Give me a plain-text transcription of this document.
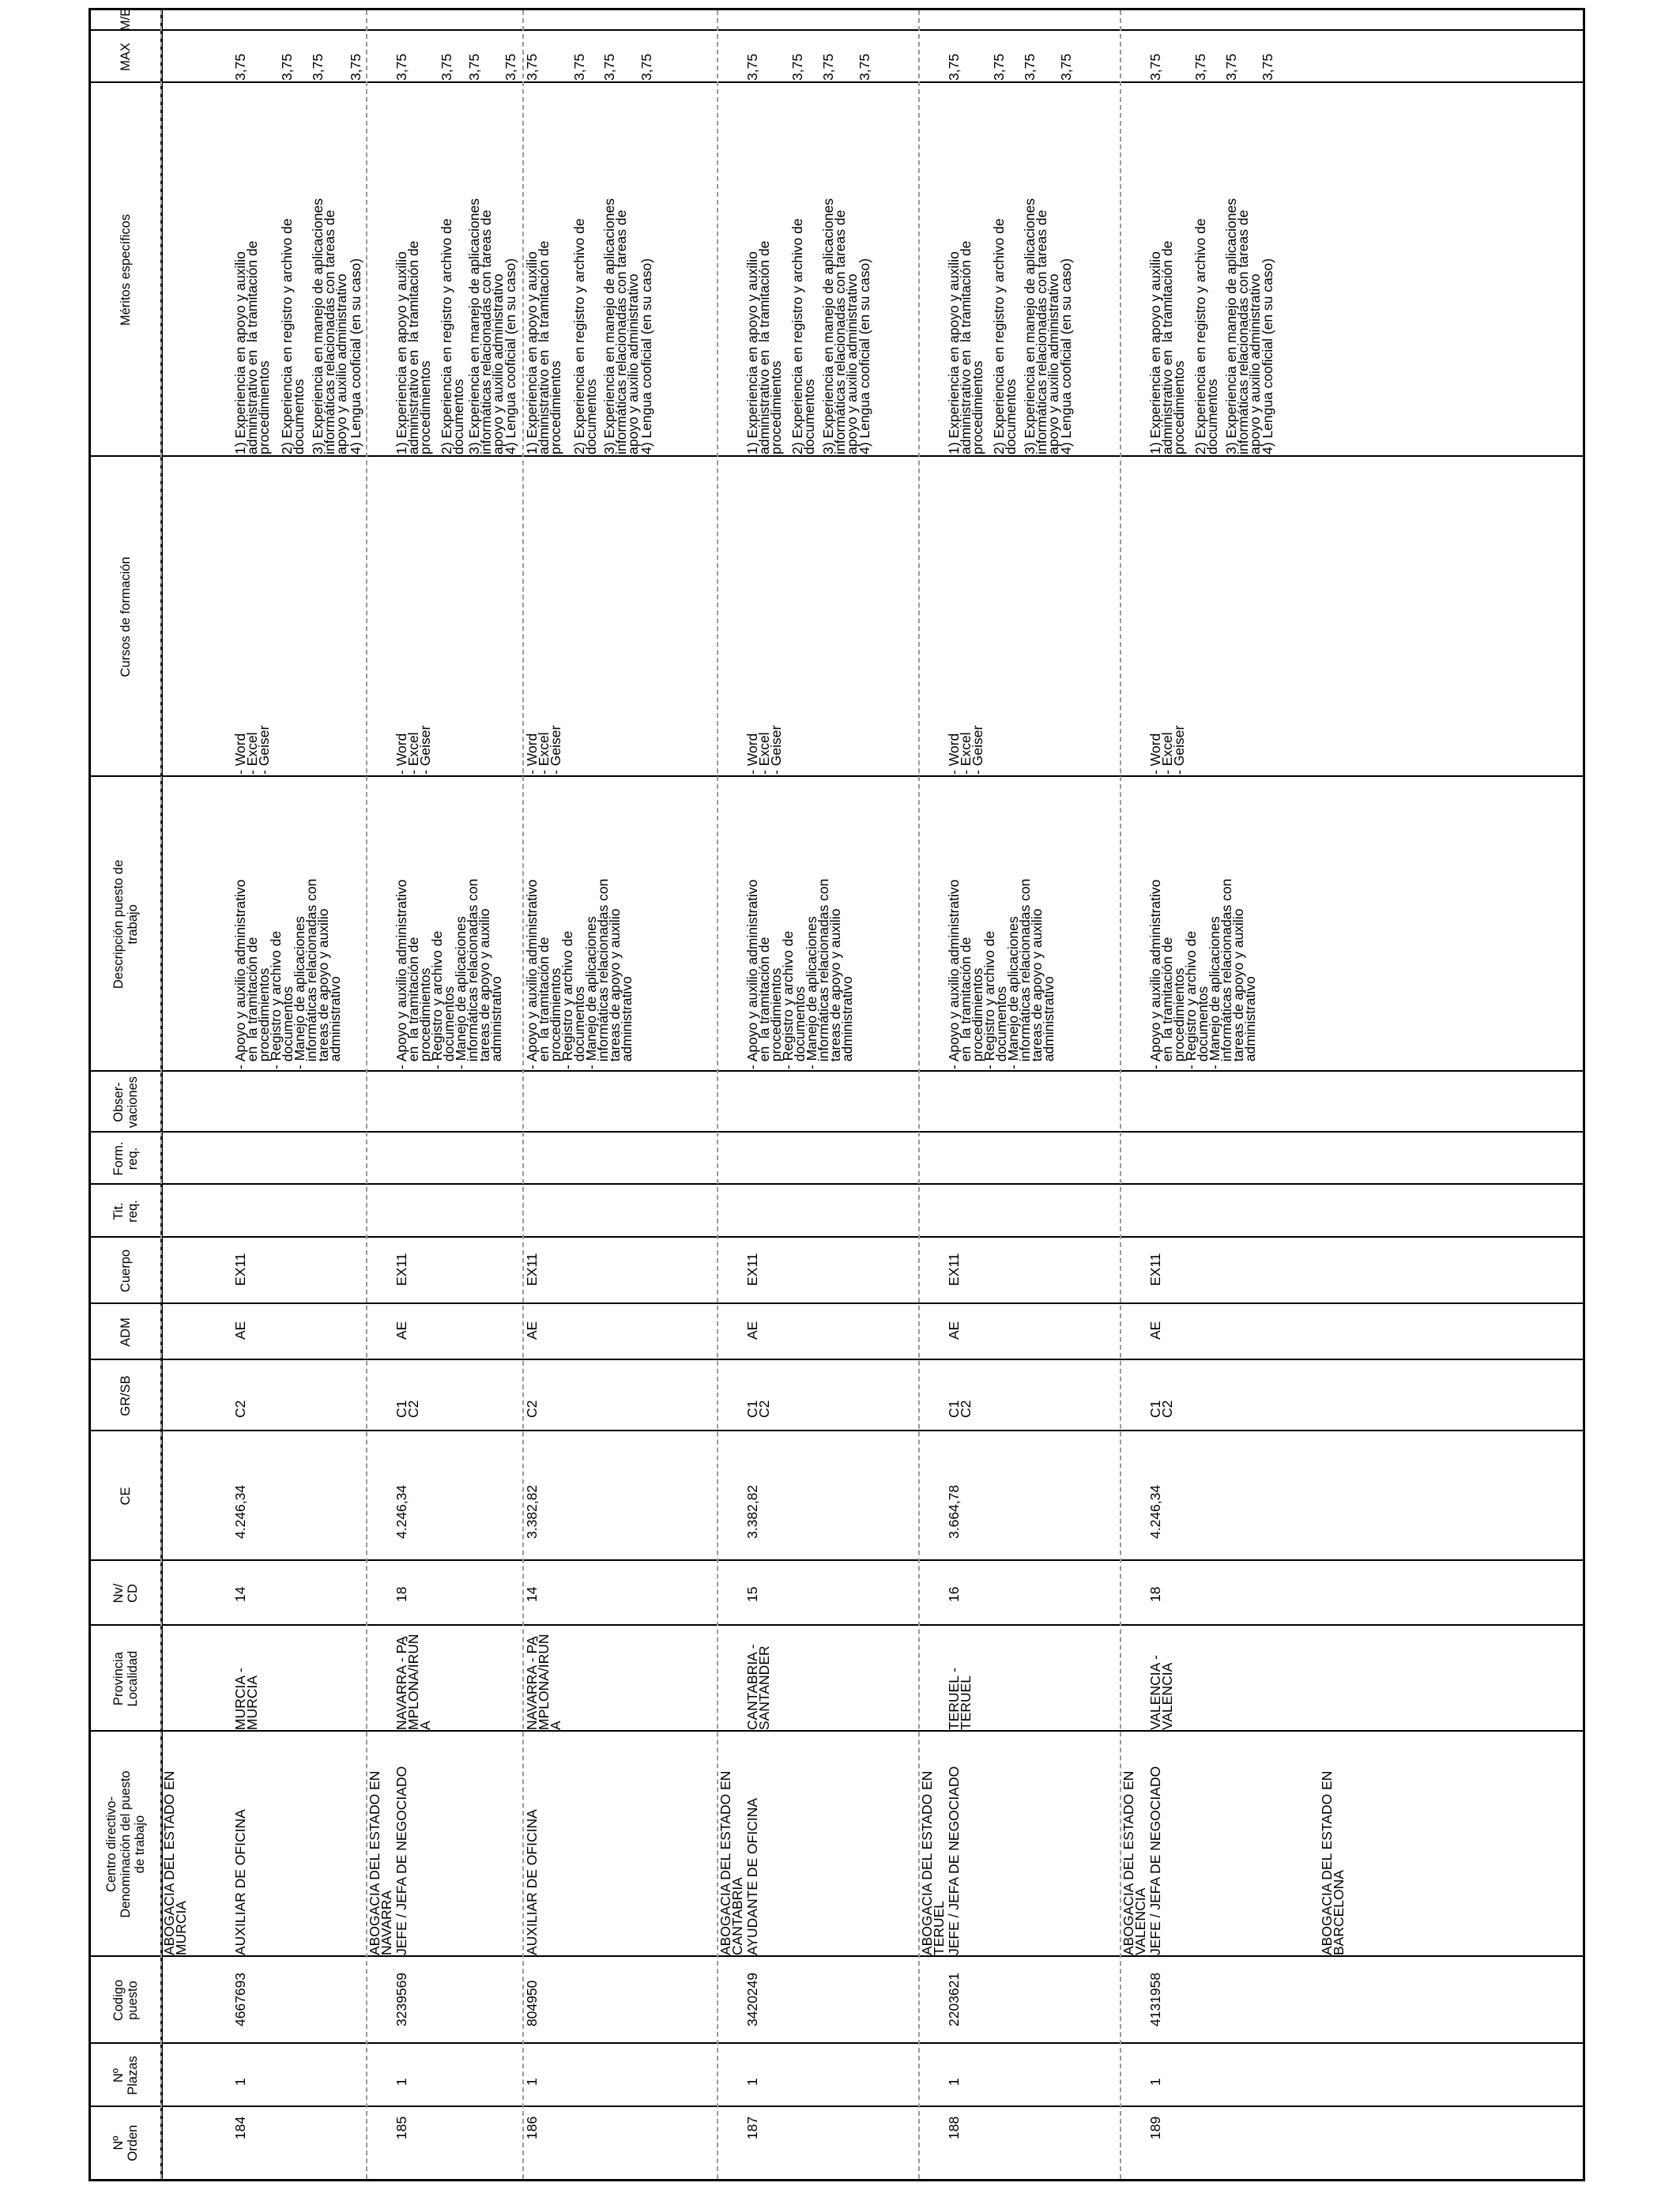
Nº
Orden
Nº
Plazas
Codigo
puesto
Centro directivo-
Denominación del puesto
de trabajo
Provincia
Localidad
Nv/
CD
CE
GR/SB
ADM
Cuerpo
Tit.
req.
Form.
req.
Obser-
vaciones
Descripción puesto de
trabajo
Cursos de formación
Méritos específicos
MAX
M/E
ABOGACIA DEL ESTADO EN
MURCIA
184
1
4667693
AUXILIAR DE OFICINA
MURCIA -
MURCIA
14
4.246,34
C2
AE
EX11
- Apoyo y auxilio administrativo
en  la tramitación de
procedimientos
- Registro y archivo de
documentos
- Manejo de aplicaciones
informáticas relacionadas con
tareas de apoyo y auxilio
administrativo
- Word
- Excel
- Geiser
1) Experiencia en apoyo y auxilio
administrativo en  la tramitación de
procedimientos 2) Experiencia en registro y archivo de
documentos 3) Experiencia en manejo de aplicaciones
informáticas relacionadas con tareas de
apoyo y auxilio administrativo
4) Lengua cooficial (en su caso)
3,75 3,75 3,75 3,75
ABOGACIA DEL ESTADO EN
NAVARRA
185
1
3239569
JEFE / JEFA DE NEGOCIADO
NAVARRA - PA
MPLONA/IRUÑ
A
18
4.246,34
C1
C2
AE
EX11
- Apoyo y auxilio administrativo
en  la tramitación de
procedimientos
- Registro y archivo de
documentos
- Manejo de aplicaciones
informáticas relacionadas con
tareas de apoyo y auxilio
administrativo
- Word
- Excel
- Geiser
1) Experiencia en apoyo y auxilio
administrativo en  la tramitación de
procedimientos 2) Experiencia en registro y archivo de
documentos 3) Experiencia en manejo de aplicaciones
informáticas relacionadas con tareas de
apoyo y auxilio administrativo
4) Lengua cooficial (en su caso)
3,75 3,75 3,75 3,75
186
1
804950
AUXILIAR DE OFICINA
NAVARRA - PA
MPLONA/IRUÑ
A
14
3.382,82
C2
AE
EX11
- Apoyo y auxilio administrativo
en  la tramitación de
procedimientos
- Registro y archivo de
documentos
- Manejo de aplicaciones
informáticas relacionadas con
tareas de apoyo y auxilio
administrativo
- Word
- Excel
- Geiser
1) Experiencia en apoyo y auxilio
administrativo en  la tramitación de
procedimientos 2) Experiencia en registro y archivo de
documentos 3) Experiencia en manejo de aplicaciones
informáticas relacionadas con tareas de
apoyo y auxilio administrativo
4) Lengua cooficial (en su caso)
3,75 3,75 3,75 3,75
ABOGACIA DEL ESTADO EN
CANTABRIA
187
1
3420249
AYUDANTE DE OFICINA
CANTABRIA -
SANTANDER
15
3.382,82
C1
C2
AE
EX11
- Apoyo y auxilio administrativo
en  la tramitación de
procedimientos
- Registro y archivo de
documentos
- Manejo de aplicaciones
informáticas relacionadas con
tareas de apoyo y auxilio
administrativo
- Word
- Excel
- Geiser
1) Experiencia en apoyo y auxilio
administrativo en  la tramitación de
procedimientos 2) Experiencia en registro y archivo de
documentos 3) Experiencia en manejo de aplicaciones
informáticas relacionadas con tareas de
apoyo y auxilio administrativo
4) Lengua cooficial (en su caso)
3,75 3,75 3,75 3,75
ABOGACIA DEL ESTADO EN
TERUEL
188
1
2203621
JEFE / JEFA DE NEGOCIADO
TERUEL -
TERUEL
16
3.664,78
C1
C2
AE
EX11
- Apoyo y auxilio administrativo
en  la tramitación de
procedimientos
- Registro y archivo de
documentos
- Manejo de aplicaciones
informáticas relacionadas con
tareas de apoyo y auxilio
administrativo
- Word
- Excel
- Geiser
1) Experiencia en apoyo y auxilio
administrativo en  la tramitación de
procedimientos 2) Experiencia en registro y archivo de
documentos 3) Experiencia en manejo de aplicaciones
informáticas relacionadas con tareas de
apoyo y auxilio administrativo
4) Lengua cooficial (en su caso)
3,75 3,75 3,75 3,75
ABOGACIA DEL ESTADO EN
VALENCIA
189
1
4131958
JEFE / JEFA DE NEGOCIADO
VALENCIA -
VALENCIA
18
4.246,34
C1
C2
AE
EX11
- Apoyo y auxilio administrativo
en  la tramitación de
procedimientos
- Registro y archivo de
documentos
- Manejo de aplicaciones
informáticas relacionadas con
tareas de apoyo y auxilio
administrativo
- Word
- Excel
- Geiser
1) Experiencia en apoyo y auxilio
administrativo en  la tramitación de
procedimientos 2) Experiencia en registro y archivo de
documentos 3) Experiencia en manejo de aplicaciones
informáticas relacionadas con tareas de
apoyo y auxilio administrativo
4) Lengua cooficial (en su caso)
3,75 3,75 3,75 3,75
ABOGACIA DEL ESTADO EN
BARCELONA
